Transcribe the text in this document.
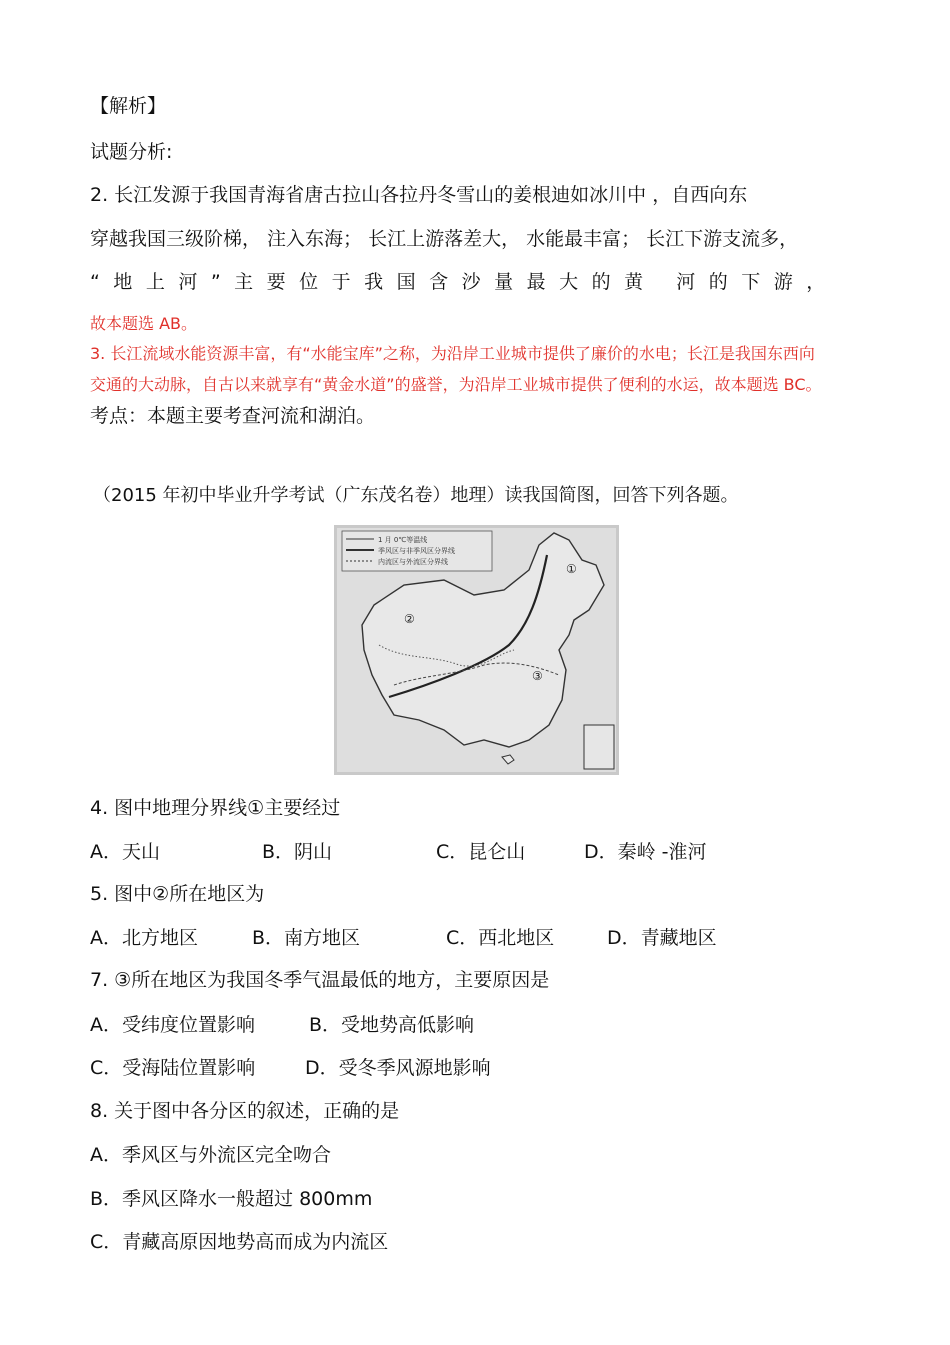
【解析】
试题分析:
2. 长江发源于我国青海省唐古拉山各拉丹冬雪山的姜根迪如冰川中 ，自西向东
穿越我国三级阶梯， 注入东海； 长江上游落差大， 水能最丰富； 长江下游支流多，
“地上河”主要位于我国含沙量最大的黄 河的下游，
故本题选 AB。
3. 长江流域水能资源丰富，有“水能宝库”之称，为沿岸工业城市提供了廉价的水电；长江是我国东西向
交通的大动脉，自古以来就享有“黄金水道”的盛誉，为沿岸工业城市提供了便利的水运，故本题选 BC。
考点：本题主要考查河流和湖泊。
（2015 年初中毕业升学考试（广东茂名卷）地理）读我国简图，回答下列各题。
1 月 0℃等温线
季风区与非季风区分界线
内流区与外流区分界线	①
②
③
4. 图中地理分界线①主要经过
A．天山	B．阴山	C．昆仑山	D．秦岭 -淮河
5. 图中②所在地区为
A．北方地区	B．南方地区	C．西北地区	D．青藏地区
7. ③所在地区为我国冬季气温最低的地方，主要原因是
A．受纬度位置影响	B．受地势高低影响
C．受海陆位置影响	D．受冬季风源地影响
8. 关于图中各分区的叙述，正确的是
A．季风区与外流区完全吻合
B．季风区降水一般超过 800mm
C．青藏高原因地势高而成为内流区
